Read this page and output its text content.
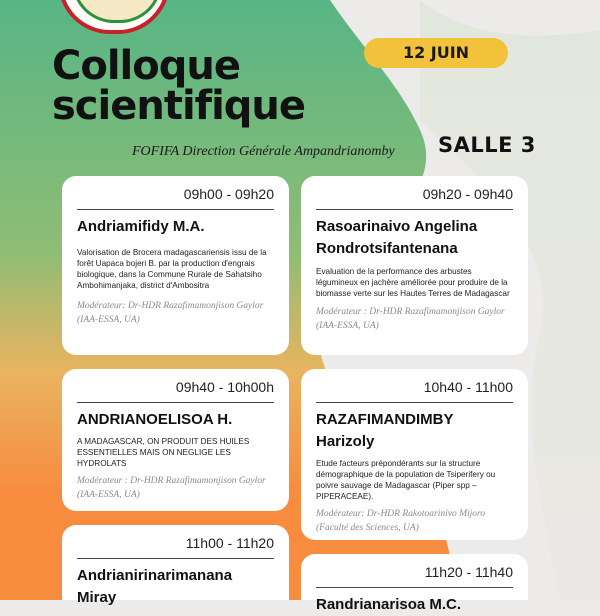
Colloque
scientifique
12 JUIN
FOFIFA Direction Générale Ampandrianomby SALLE 3
09h00 - 09h20

Andriamifidy M.A.

Valorisation de Brocera madagascariensis issu de la forêt Uapaca bojeri B. par la production d'engrais biologique, dans la Commune Rurale de Sahatsiho Ambohimanjaka, district d'Ambositra

Modérateur: Dr-HDR Razafimamonjison Gaylor (IAA-ESSA, UA)

09h20 - 09h40

Rasoarinaivo Angelina Rondrotsifantenana

Evaluation de la performance des arbustes légumineux en jachère améliorée pour produire de la biomasse verte sur les Hautes Terres de Madagascar

Modérateur : Dr-HDR Razafimamonjison Gaylor (IAA-ESSA, UA)

09h40 - 10h00h

ANDRIANOELISOA H.

A MADAGASCAR, ON PRODUIT DES HUILES ESSENTIELLES MAIS ON NEGLIGE LES HYDROLATS

Modérateur : Dr-HDR Razafimamonjison Gaylor (IAA-ESSA, UA)

10h40 - 11h00

RAZAFIMANDIMBY Harizoly

Etude facteurs prépondérants sur la structure démographique de la population de Tsiperifery ou poivre sauvage de Madagascar (Piper spp – PIPERACEAE).

Modérateur: Dr-HDR Rakotoarinivo Mijoro (Faculté des Sciences, UA)

11h00 - 11h20

Andrianirinarimanana Miray

11h20 - 11h40

Randrianarisoa M.C.
